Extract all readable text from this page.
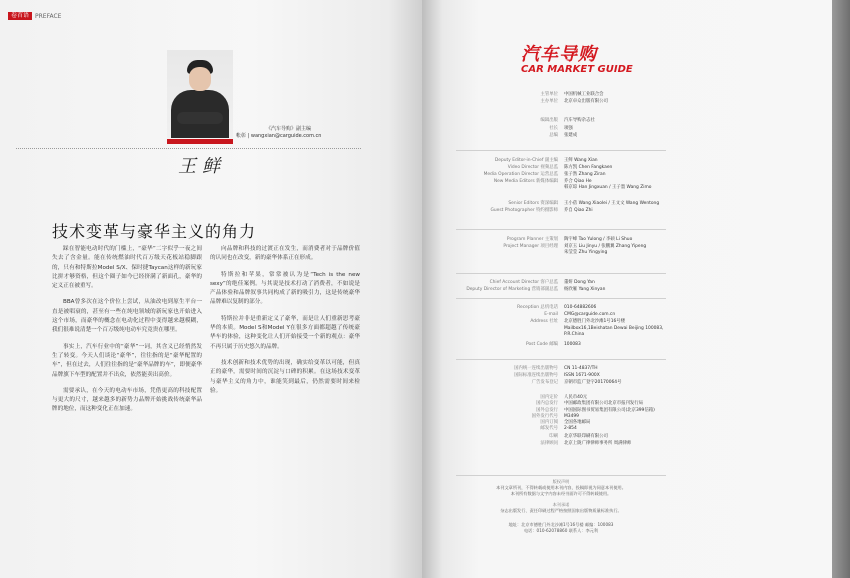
卷首语	PREFACE
《汽车导购》副主编
帐彰 | wangxian@carguide.com.cn
王鲜
技术变革与豪华主义的角力

踩在智能电动时代的门槛上，“豪华”二字似乎一夜之间失去了含金量。能在传统燃油时代百万级天花板站稳脚跟的，只有和特斯拉Model S/X、保时捷Taycan这样的新玩家比拼才够资格，但这个圈子如今已经挤满了新面孔，豪华的定义正在被重写。

BBA曾多次在这个价位上尝试，从油改电到原生平台一直是被唱衰的，甚至有一些在纯电领域的新玩家也开始进入这个市场，而豪华的概念在电动化过程中变得越来越模糊，我们很难说清楚一个百万级纯电动车究竟贵在哪里。

事实上，汽车行业中的“豪华”一词，其含义已经悄然发生了转变。今天人们谈论“豪华”，往往指的是“豪华配置的车”，但在过去，人们往往指的是“豪华品牌的车”，即便豪华品牌旗下车型的配置并不出众，依然能卖出高价。

需要承认，在今天的电动车市场，凭借更高的科技配置与更大的尺寸，越来越多的新势力品牌开始挑战传统豪华品牌的地位，而这种变化正在加速。

向品牌和科技的过渡正在发生，而消费者对于品牌价值的认同也在改变，新的豪华体系正在形成。

特斯拉和苹果，常常被认为是“Tech is the new sexy”的绝佳案例。与其说是技术打动了消费者，不如说是产品体验和品牌叙事共同构成了新的吸引力，这是传统豪华品牌难以复制的部分。

特斯拉并非是重新定义了豪华，而是让人们重新思考豪华的本质。Model S和Model Y在很多方面都超越了传统豪华车的体验，这种变化让人们开始接受一个新的观点：豪华不再只属于历史悠久的品牌。

技术创新和技术优势的出现，确实给变革以可能，但真正的豪华，需要时间的沉淀与口碑的积累。在这场技术变革与豪华主义的角力中，谁能笑到最后，仍然需要时间来检验。

汽车导购
CAR MARKET GUIDE
主管单位 中国机械工业联合会
主办单位 北京卓众出版有限公司
编辑出版 汽车导购杂志社
社长 项强
总编 张建成
Deputy Editor-in-Chief 副主编 王鲜 Wang Xian
Video Director 视频总监 陈方凯 Chen Fangkaen
Media Operation Director 运营总监 张子然 Zhang Ziran
New Media Editors 新媒体编辑 乔合 Qiao He
韩京琼 Han Jingxuan / 王子墨 Wang Zimo
Senior Editors 资深编辑 王小蓓 Wang Xiaolei / 王文文 Wang Wentong
Guest Photographer 特约摄影师 乔自 Qiao Zhi
Program Planner 主策划 陶宇峰 Tao Yulong / 李硕 Li Shuo
Project Manager 项目经理 刘京玉 Liu Jinyu / 张鹏翼 Zhang Yipeng
朱莹莹 Zhu Yingying
Chief Account Director 客户总监 董妍 Dong Yan
Deputy Director of Marketing 营销部副总监 杨欣雁 Yang Xinyan
Reception 总机电话 010-64882606
E-mail CMG@carguide.com.cn
Address 社址 北京德胜门外北沙滩1号16号楼
Mailbox16,1Beishatan Dewai Beijing 100083,
P.R.China
Post Code 邮编 100083
国内统一连续出版物号 CN 11-4837/TH
国际标准连续出版物号 ISSN 1671-900X
广告发布登记 京朝市监广登字20170064号
国内定价 人民币40元
国内总发行 中国邮政集团有限公司北京市报刊发行局
国外总发行 中国国际图书贸易集团有限公司(北京399信箱)
国外发行代号 M3499
国内订阅 全国各地邮局
邮发代号 2-854
印刷 北京华联印刷有限公司
法律顾问 北京上陇广律律师事务所 周满律师
版权声明
本刊文章所刊，不得转载或使用本刊内容，投稿即视为同意本刊使用。
本刊所有数据与文字内容未经书面许可不得转载使用。
本刊承诺
杂志出版发行、责任印刷过程严格按照国家出版物质量标准执行。
地址：北京市德胜门外北沙滩1号16号楼 邮编：100083
电话：010-62078860 联系人：李元利
